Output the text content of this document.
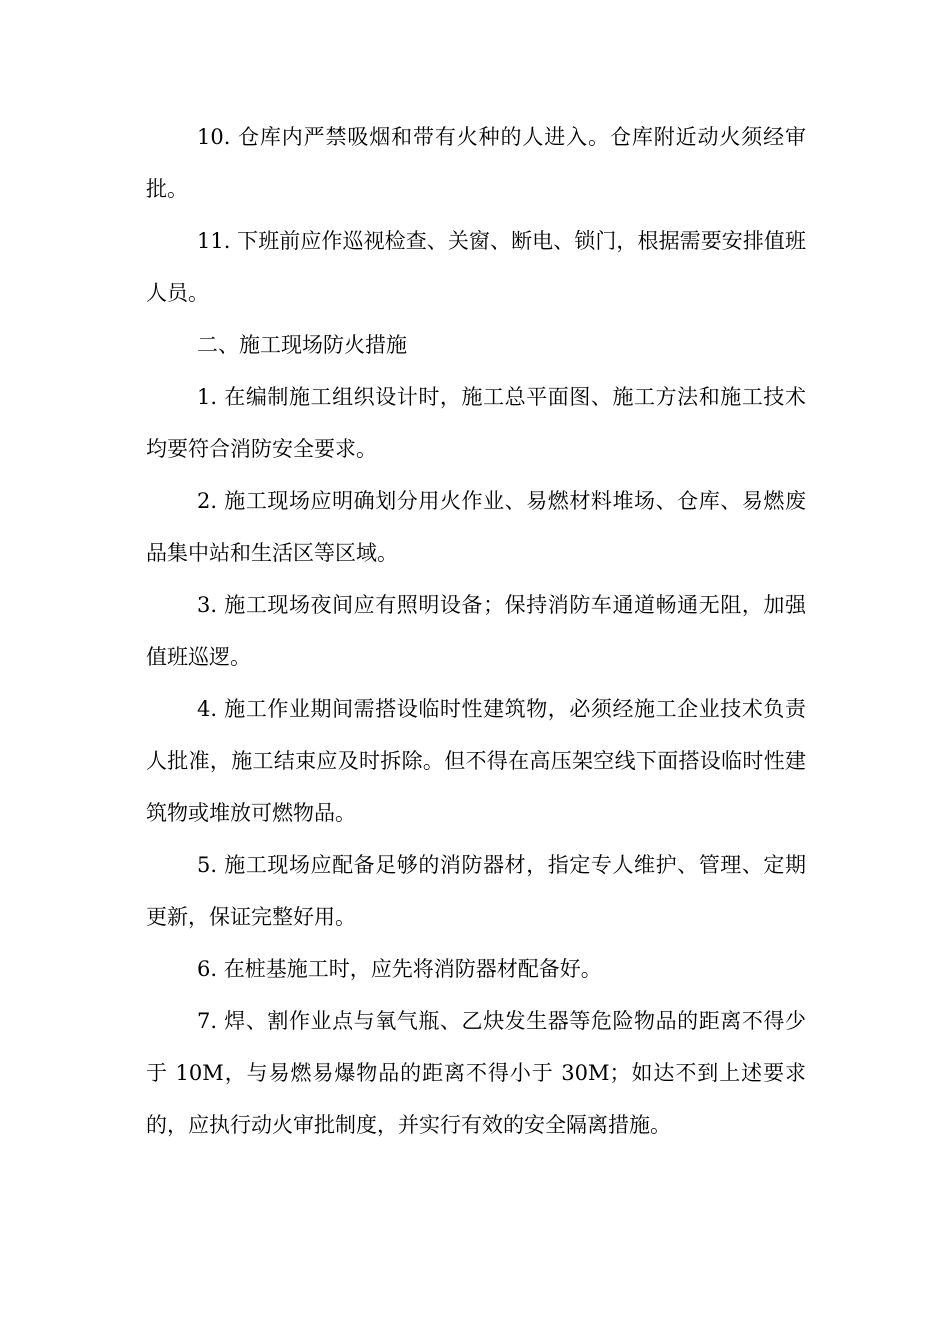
10. 仓库内严禁吸烟和带有火种的人进入。仓库附近动火须经审批。

11. 下班前应作巡视检查、关窗、断电、锁门，根据需要安排值班人员。

二、施工现场防火措施

1. 在编制施工组织设计时，施工总平面图、施工方法和施工技术均要符合消防安全要求。

2. 施工现场应明确划分用火作业、易燃材料堆场、仓库、易燃废品集中站和生活区等区域。

3. 施工现场夜间应有照明设备；保持消防车通道畅通无阻，加强值班巡逻。

4. 施工作业期间需搭设临时性建筑物，必须经施工企业技术负责人批准，施工结束应及时拆除。但不得在高压架空线下面搭设临时性建筑物或堆放可燃物品。

5. 施工现场应配备足够的消防器材，指定专人维护、管理、定期更新，保证完整好用。

6. 在桩基施工时，应先将消防器材配备好。

7. 焊、割作业点与氧气瓶、乙炔发生器等危险物品的距离不得少于 10M，与易燃易爆物品的距离不得小于 30M；如达不到上述要求的，应执行动火审批制度，并实行有效的安全隔离措施。
